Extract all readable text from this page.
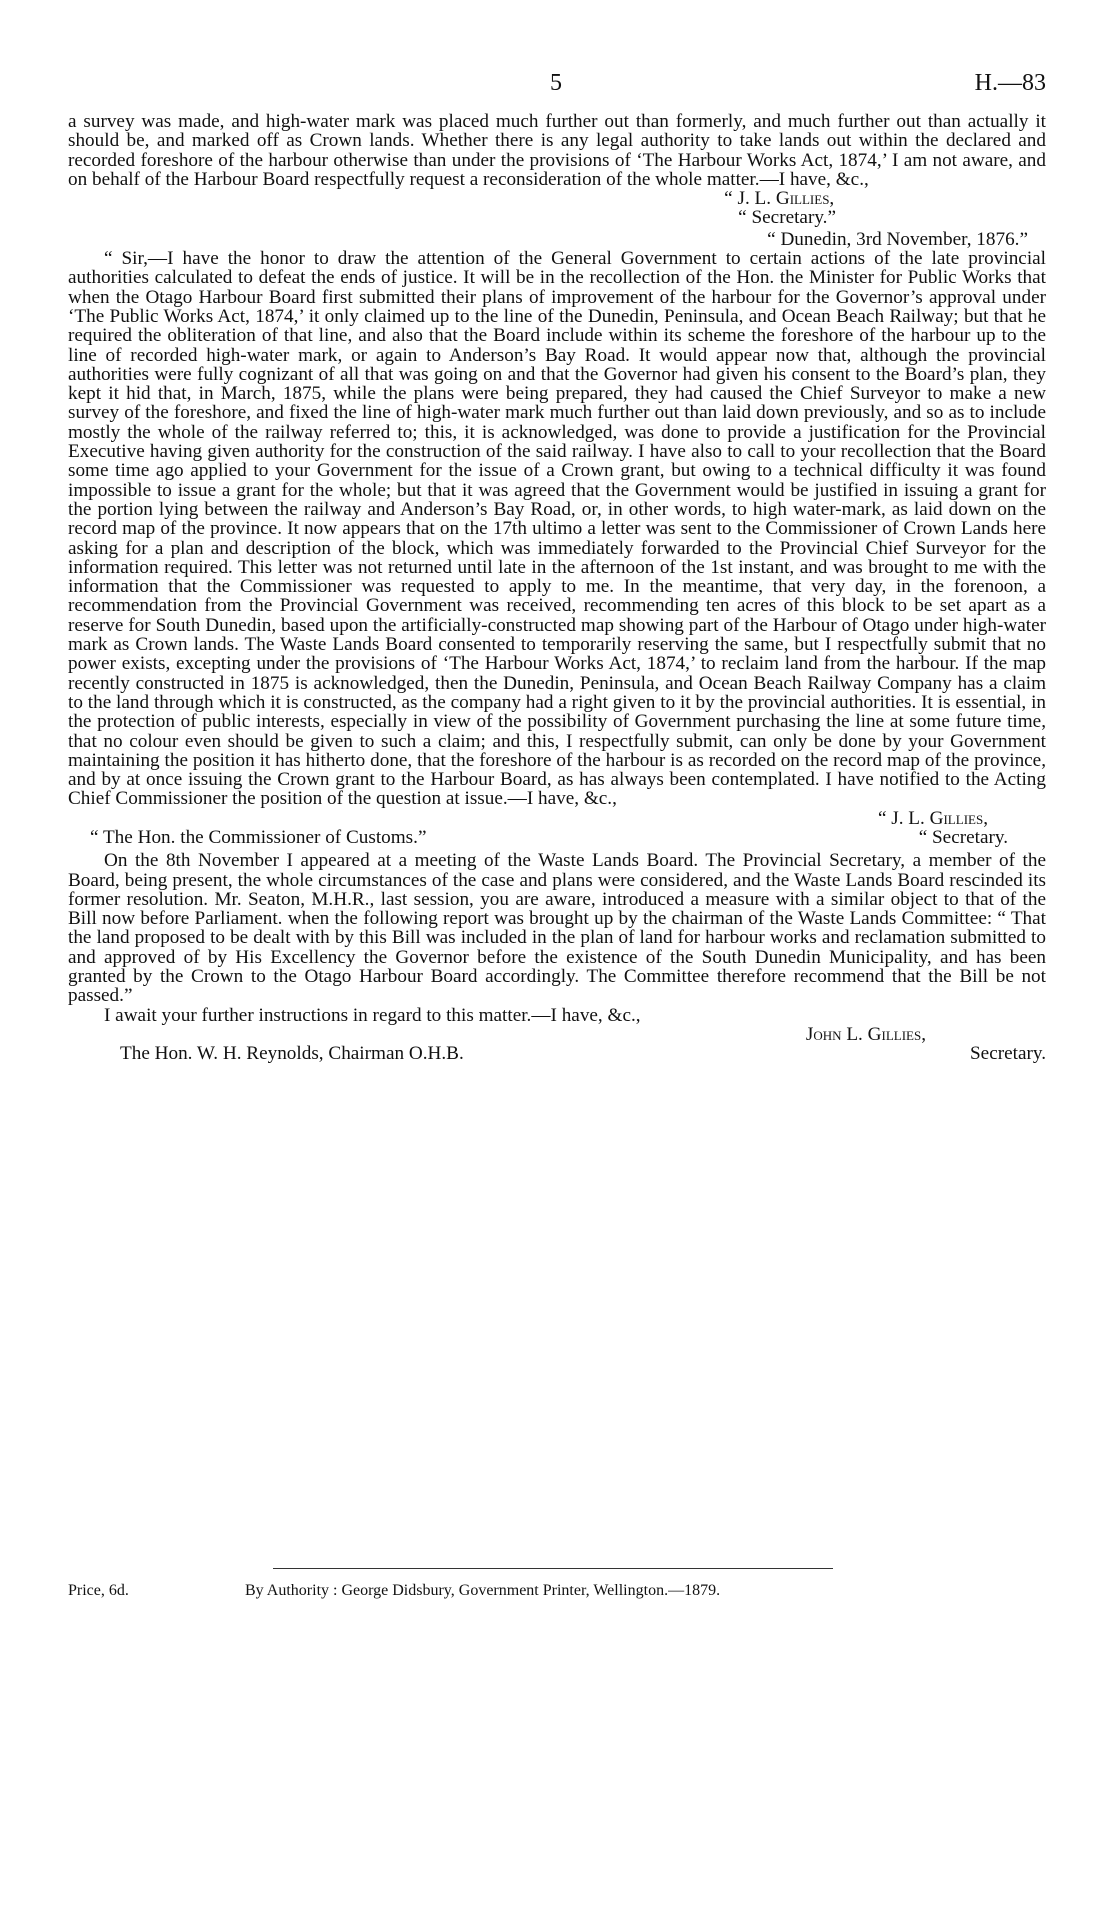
5	H.—83

a survey was made, and high-water mark was placed much further out than formerly, and much further out than actually it should be, and marked off as Crown lands. Whether there is any legal authority to take lands out within the declared and recorded foreshore of the harbour otherwise than under the provisions of ‘The Harbour Works Act, 1874,’ I am not aware, and on behalf of the Harbour Board respectfully request a reconsideration of the whole matter.—I have, &c.,

“ J. L. Gillies,
“ Secretary.”
“ Dunedin, 3rd November, 1876.”

“ Sir,—I have the honor to draw the attention of the General Government to certain actions of the late provincial authorities calculated to defeat the ends of justice. It will be in the recollection of the Hon. the Minister for Public Works that when the Otago Harbour Board first submitted their plans of improvement of the harbour for the Governor’s approval under ‘The Public Works Act, 1874,’ it only claimed up to the line of the Dunedin, Peninsula, and Ocean Beach Railway; but that he required the obliteration of that line, and also that the Board include within its scheme the foreshore of the harbour up to the line of recorded high-water mark, or again to Anderson’s Bay Road. It would appear now that, although the provincial authorities were fully cognizant of all that was going on and that the Governor had given his consent to the Board’s plan, they kept it hid that, in March, 1875, while the plans were being prepared, they had caused the Chief Surveyor to make a new survey of the foreshore, and fixed the line of high-water mark much further out than laid down previously, and so as to include mostly the whole of the railway referred to; this, it is acknowledged, was done to provide a justification for the Provincial Executive having given authority for the construction of the said railway. I have also to call to your recollection that the Board some time ago applied to your Government for the issue of a Crown grant, but owing to a technical difficulty it was found impossible to issue a grant for the whole; but that it was agreed that the Government would be justified in issuing a grant for the portion lying between the railway and Anderson’s Bay Road, or, in other words, to high water-mark, as laid down on the record map of the province. It now appears that on the 17th ultimo a letter was sent to the Commissioner of Crown Lands here asking for a plan and description of the block, which was immediately forwarded to the Provincial Chief Surveyor for the information required. This letter was not returned until late in the afternoon of the 1st instant, and was brought to me with the information that the Commissioner was requested to apply to me. In the meantime, that very day, in the forenoon, a recommendation from the Provincial Government was received, recommending ten acres of this block to be set apart as a reserve for South Dunedin, based upon the artificially-constructed map showing part of the Harbour of Otago under high-water mark as Crown lands. The Waste Lands Board consented to temporarily reserving the same, but I respectfully submit that no power exists, excepting under the provisions of ‘The Harbour Works Act, 1874,’ to reclaim land from the harbour. If the map recently constructed in 1875 is acknowledged, then the Dunedin, Peninsula, and Ocean Beach Railway Company has a claim to the land through which it is constructed, as the company had a right given to it by the provincial authorities. It is essential, in the protection of public interests, especially in view of the possibility of Government purchasing the line at some future time, that no colour even should be given to such a claim; and this, I respectfully submit, can only be done by your Government maintaining the position it has hitherto done, that the foreshore of the harbour is as recorded on the record map of the province, and by at once issuing the Crown grant to the Harbour Board, as has always been contemplated. I have notified to the Acting Chief Commissioner the position of the question at issue.—I have, &c.,

“ J. L. Gillies,
“ The Hon. the Commissioner of Customs.”	“ Secretary.

On the 8th November I appeared at a meeting of the Waste Lands Board. The Provincial Secretary, a member of the Board, being present, the whole circumstances of the case and plans were considered, and the Waste Lands Board rescinded its former resolution. Mr. Seaton, M.H.R., last session, you are aware, introduced a measure with a similar object to that of the Bill now before Parliament. when the following report was brought up by the chairman of the Waste Lands Committee: “ That the land proposed to be dealt with by this Bill was included in the plan of land for harbour works and reclamation submitted to and approved of by His Excellency the Governor before the existence of the South Dunedin Municipality, and has been granted by the Crown to the Otago Harbour Board accordingly. The Committee therefore recommend that the Bill be not passed.”

I await your further instructions in regard to this matter.—I have, &c.,

John L. Gillies,
The Hon. W. H. Reynolds, Chairman O.H.B.	Secretary.
Price, 6d.	By Authority : George Didsbury, Government Printer, Wellington.—1879.
